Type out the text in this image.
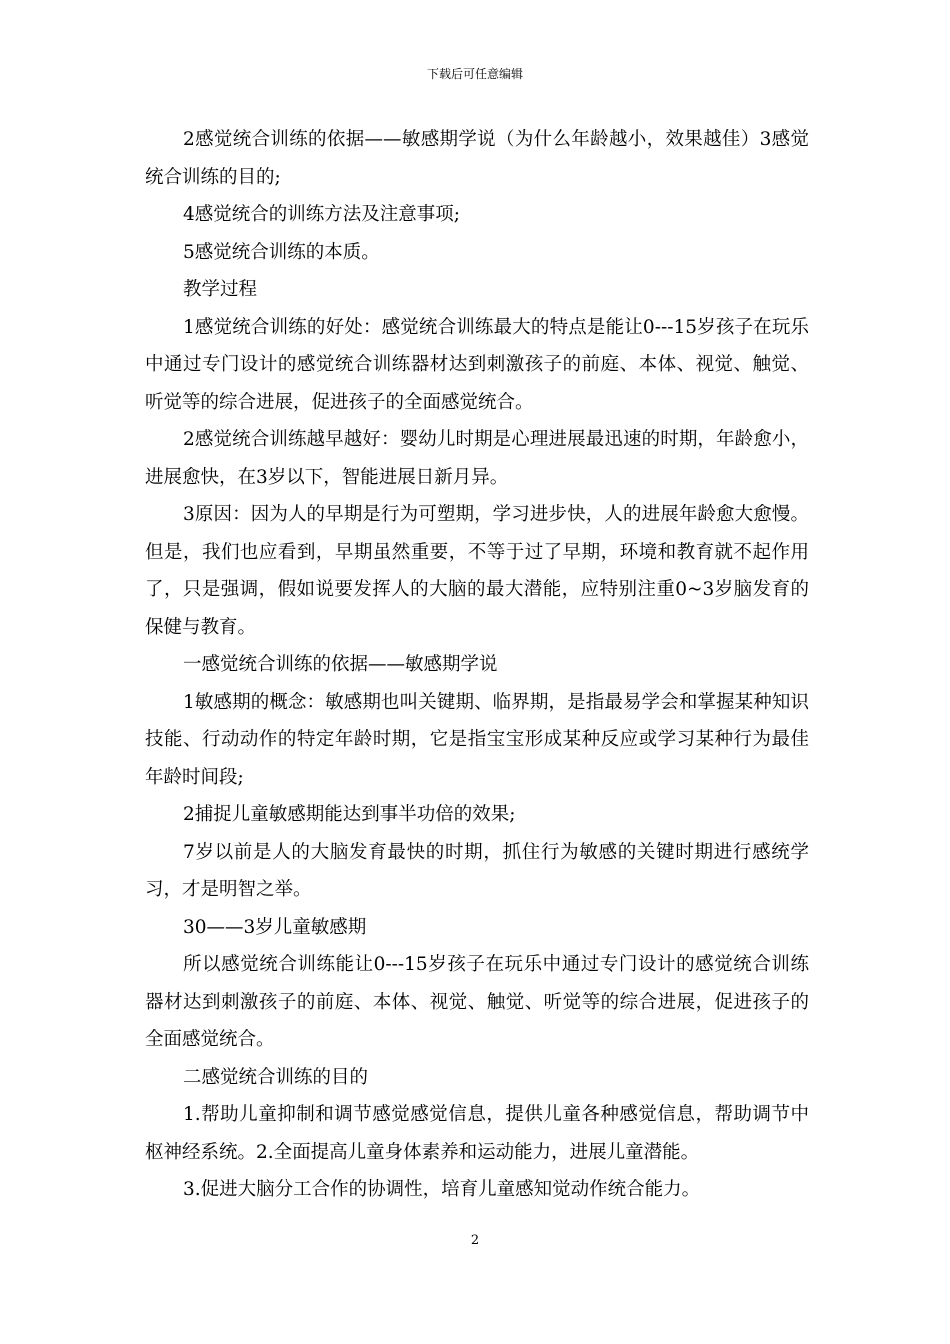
下载后可任意编辑

2感觉统合训练的依据——敏感期学说（为什么年龄越小，效果越佳）3感觉统合训练的目的;

4感觉统合的训练方法及注意事项;

5感觉统合训练的本质。

教学过程

1感觉统合训练的好处：感觉统合训练最大的特点是能让0---15岁孩子在玩乐中通过专门设计的感觉统合训练器材达到刺激孩子的前庭、本体、视觉、触觉、听觉等的综合进展，促进孩子的全面感觉统合。

2感觉统合训练越早越好：婴幼儿时期是心理进展最迅速的时期，年龄愈小，进展愈快，在3岁以下，智能进展日新月异。

3原因：因为人的早期是行为可塑期，学习进步快，人的进展年龄愈大愈慢。但是，我们也应看到，早期虽然重要，不等于过了早期，环境和教育就不起作用了，只是强调，假如说要发挥人的大脑的最大潜能，应特别注重0~3岁脑发育的保健与教育。

一感觉统合训练的依据——敏感期学说

1敏感期的概念：敏感期也叫关键期、临界期，是指最易学会和掌握某种知识技能、行动动作的特定年龄时期，它是指宝宝形成某种反应或学习某种行为最佳年龄时间段;

2捕捉儿童敏感期能达到事半功倍的效果;

7岁以前是人的大脑发育最快的时期，抓住行为敏感的关键时期进行感统学习，才是明智之举。

30——3岁儿童敏感期

所以感觉统合训练能让0---15岁孩子在玩乐中通过专门设计的感觉统合训练器材达到刺激孩子的前庭、本体、视觉、触觉、听觉等的综合进展，促进孩子的全面感觉统合。

二感觉统合训练的目的

1.帮助儿童抑制和调节感觉感觉信息，提供儿童各种感觉信息，帮助调节中枢神经系统。2.全面提高儿童身体素养和运动能力，进展儿童潜能。

3.促进大脑分工合作的协调性，培育儿童感知觉动作统合能力。

2
